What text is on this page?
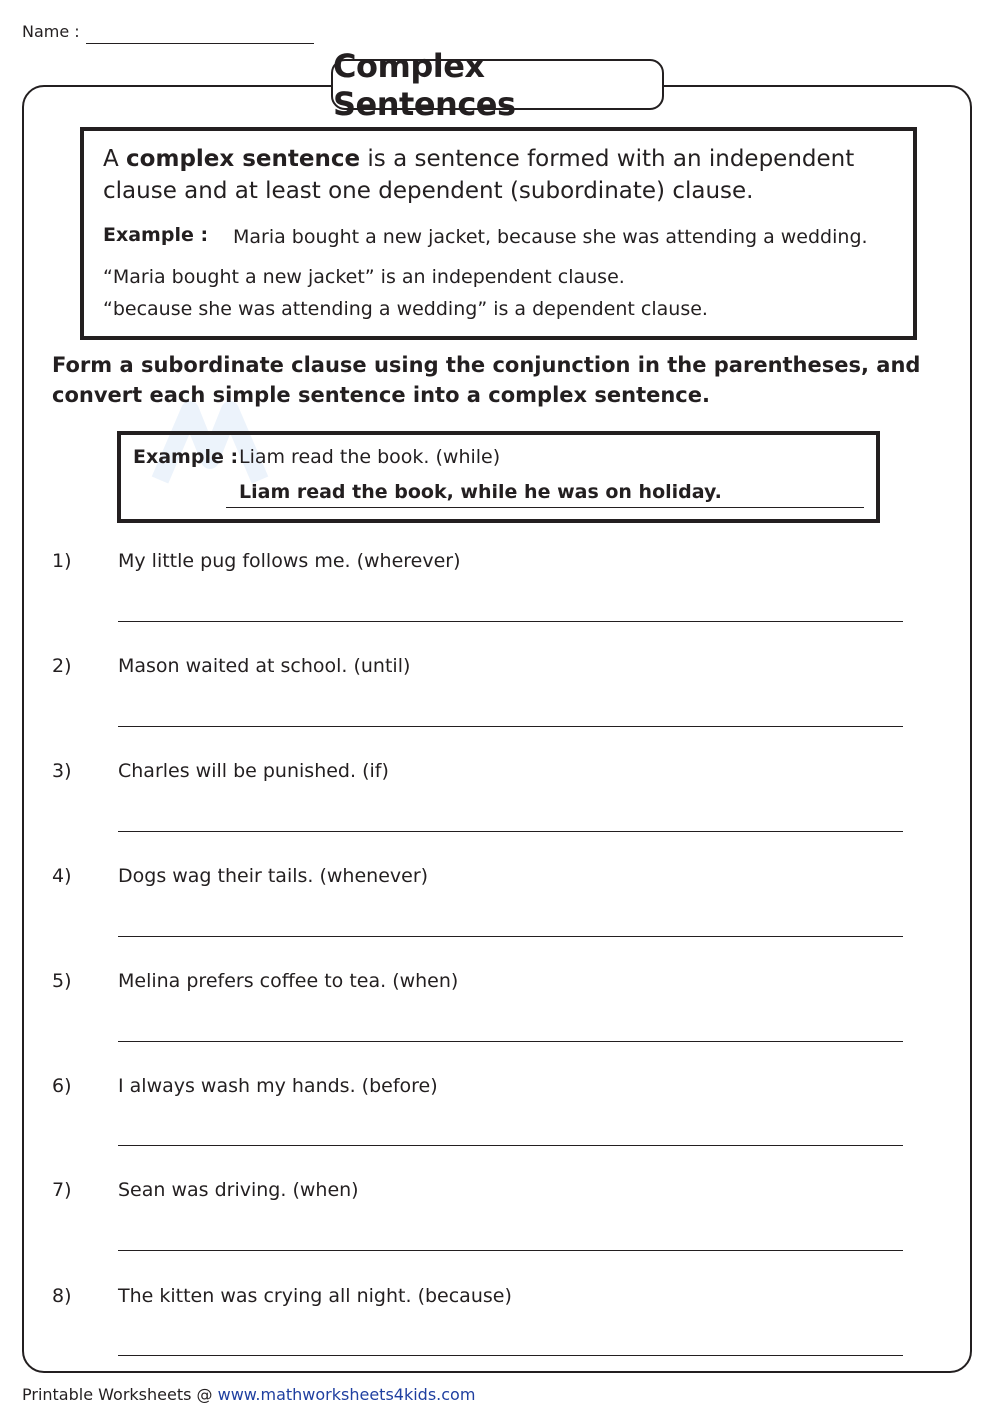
Name :
Complex Sentences
A complex sentence is a sentence formed with an independent clause and at least one dependent (subordinate) clause.
Example : Maria bought a new jacket, because she was attending a wedding.
“Maria bought a new jacket” is an independent clause.
“because she was attending a wedding” is a dependent clause.
Form a subordinate clause using the conjunction in the parentheses, and convert each simple sentence into a complex sentence.
Example : Liam read the book. (while)
Liam read the book, while he was on holiday.
1) My little pug follows me. (wherever)
2) Mason waited at school. (until)
3) Charles will be punished. (if)
4) Dogs wag their tails. (whenever)
5) Melina prefers coffee to tea. (when)
6) I always wash my hands. (before)
7) Sean was driving. (when)
8) The kitten was crying all night. (because)
Printable Worksheets @ www.mathworksheets4kids.com
